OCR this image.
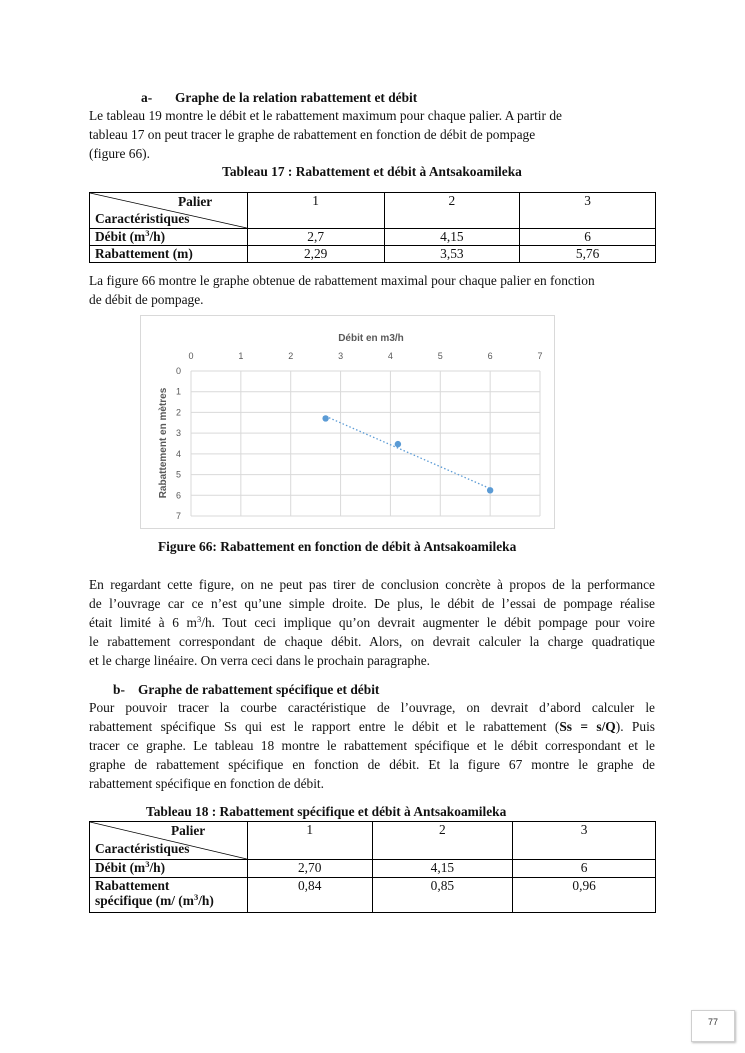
a- Graphe de la relation rabattement et débit
Le tableau 19 montre le débit et le rabattement maximum pour chaque palier. A partir de
tableau 17 on peut tracer le graphe de rabattement en fonction de débit de pompage
(figure 66).
Tableau 17 : Rabattement et débit à Antsakoamileka
Palier
Caractéristiques	1	2	3
Débit $(m^3/h)$	2,7	4,15	6
Rabattement (m)	2,29	3,53	5,76
La figure 66 montre le graphe obtenue de rabattement maximal pour chaque palier en fonction
de débit de pompage.
Débit en m3/h
Rabattement en mètres
0	1	2	3	4	5	6	7
0
1
2
3
4
5
6
7
Figure 66: Rabattement en fonction de débit à Antsakoamileka
En regardant cette figure, on ne peut pas tirer de conclusion concrète à propos de la performance
de l’ouvrage car ce n’est qu’une simple droite. De plus, le débit de l’essai de pompage réalise
était limité à 6 $m^3/h$. Tout ceci implique qu’on devrait augmenter le débit pompage pour voire
le rabattement correspondant de chaque débit. Alors, on devrait calculer la charge quadratique
et le charge linéaire. On verra ceci dans le prochain paragraphe.
b- Graphe de rabattement spécifique et débit
Pour pouvoir tracer la courbe caractéristique de l’ouvrage, on devrait d’abord calculer le
rabattement spécifique Ss qui est le rapport entre le débit et le rabattement (Ss = s/Q). Puis
tracer ce graphe. Le tableau 18 montre le rabattement spécifique et le débit correspondant et le
graphe de rabattement spécifique en fonction de débit. Et la figure 67 montre le graphe de
rabattement spécifique en fonction de débit.
Tableau 18 : Rabattement spécifique et débit à Antsakoamileka
Palier
Caractéristiques	1	2	3
Débit $(m^3/h)$	2,70	4,15	6
Rabattement
spécifique (m/ $(m^3/h)$	0,84	0,85	0,96
77
